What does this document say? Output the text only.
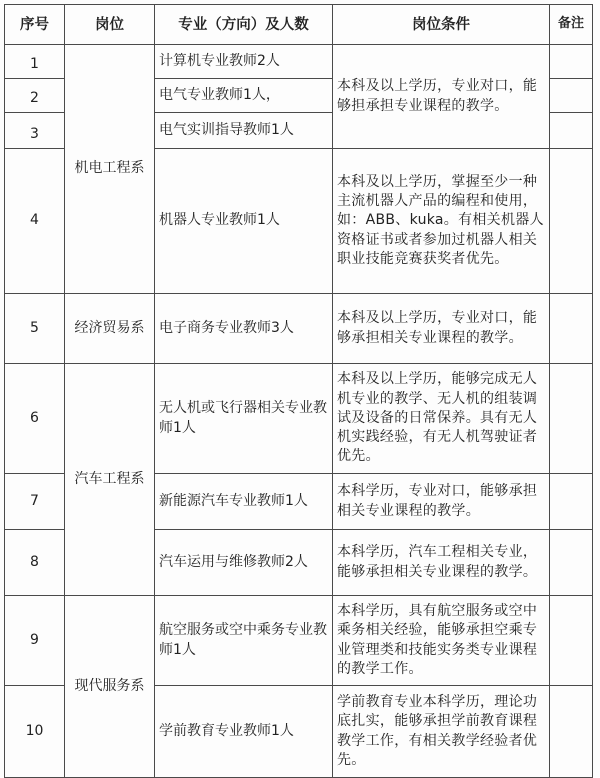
序号	岗位	专业（方向）及人数	岗位条件	备注
1	机电工程系	计算机专业教师2人	本科及以上学历，专业对口，能够担承担专业课程的教学。	
2		电气专业教师1人，		
3		电气实训指导教师1人		
4		机器人专业教师1人	本科及以上学历，掌握至少一种主流机器人产品的编程和使用，如：ABB、kuka。有相关机器人资格证书或者参加过机器人相关职业技能竞赛获奖者优先。	
5	经济贸易系	电子商务专业教师3人	本科及以上学历，专业对口，能够承担相关专业课程的教学。	
6	汽车工程系	无人机或飞行器相关专业教师1人	本科及以上学历，能够完成无人机专业的教学、无人机的组装调试及设备的日常保养。具有无人机实践经验，有无人机驾驶证者优先。	
7		新能源汽车专业教师1人	本科学历，专业对口，能够承担相关专业课程的教学。	
8		汽车运用与维修教师2人	本科学历，汽车工程相关专业，能够承担相关专业课程的教学。	
9	现代服务系	航空服务或空中乘务专业教师1人	本科学历，具有航空服务或空中乘务相关经验，能够承担空乘专业管理类和技能实务类专业课程的教学工作。	
10		学前教育专业教师1人	学前教育专业本科学历，理论功底扎实，能够承担学前教育课程教学工作，有相关教学经验者优先。	
